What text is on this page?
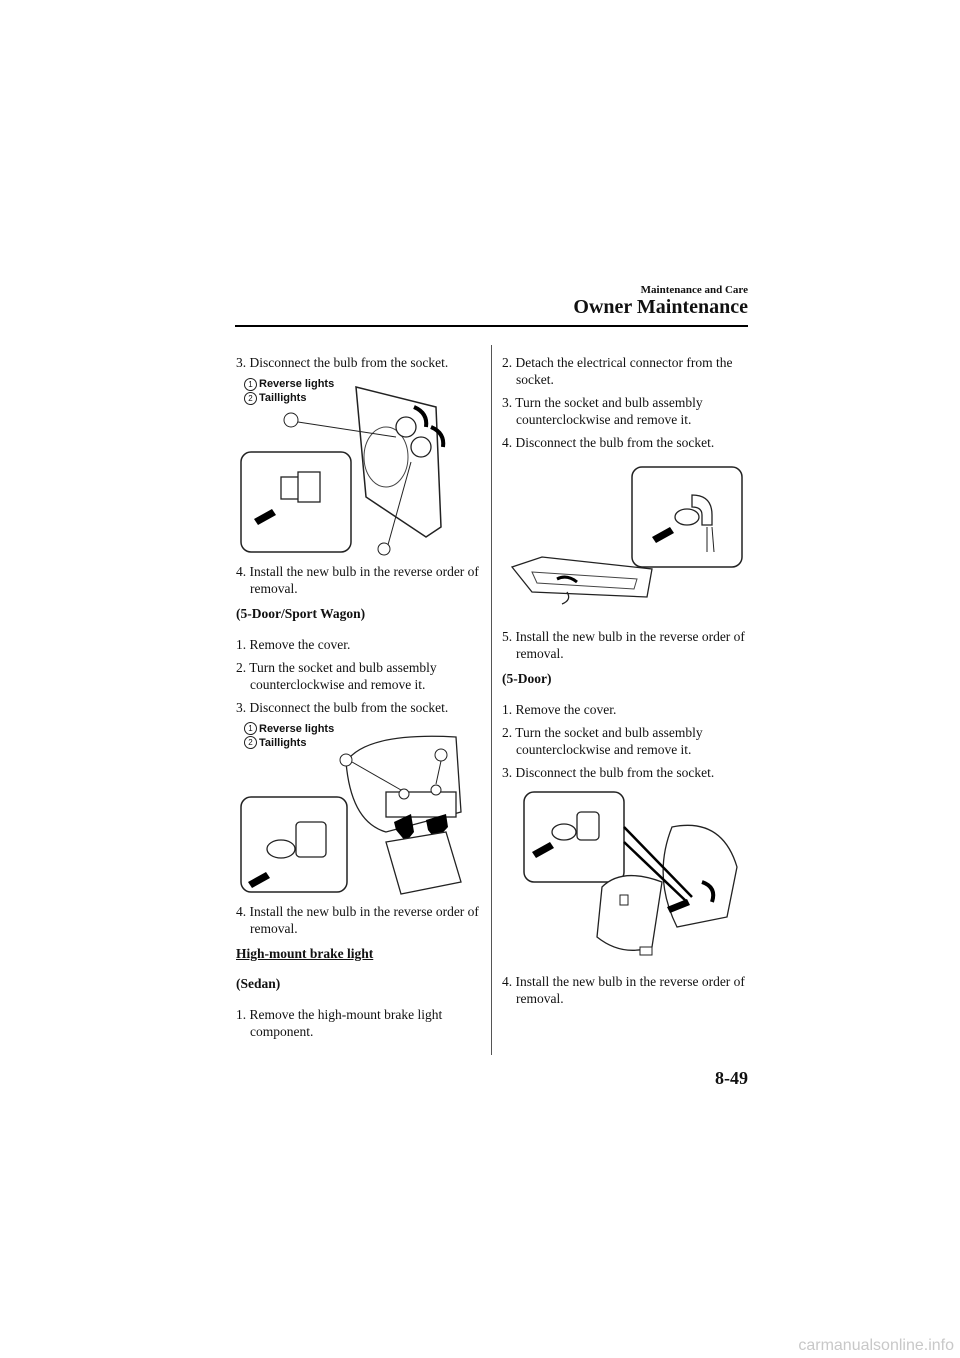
Maintenance and Care
Owner Maintenance

3. Disconnect the bulb from the socket.

1 Reverse lights
2 Taillights

4. Install the new bulb in the reverse order of removal.

(5-Door/Sport Wagon)

1. Remove the cover.

2. Turn the socket and bulb assembly counterclockwise and remove it.

3. Disconnect the bulb from the socket.

1 Reverse lights
2 Taillights

4. Install the new bulb in the reverse order of removal.

High-mount brake light

(Sedan)

1. Remove the high-mount brake light component.

2. Detach the electrical connector from the socket.

3. Turn the socket and bulb assembly counterclockwise and remove it.

4. Disconnect the bulb from the socket.

5. Install the new bulb in the reverse order of removal.

(5-Door)

1. Remove the cover.

2. Turn the socket and bulb assembly counterclockwise and remove it.

3. Disconnect the bulb from the socket.

4. Install the new bulb in the reverse order of removal.

8-49
carmanualsonline.info
